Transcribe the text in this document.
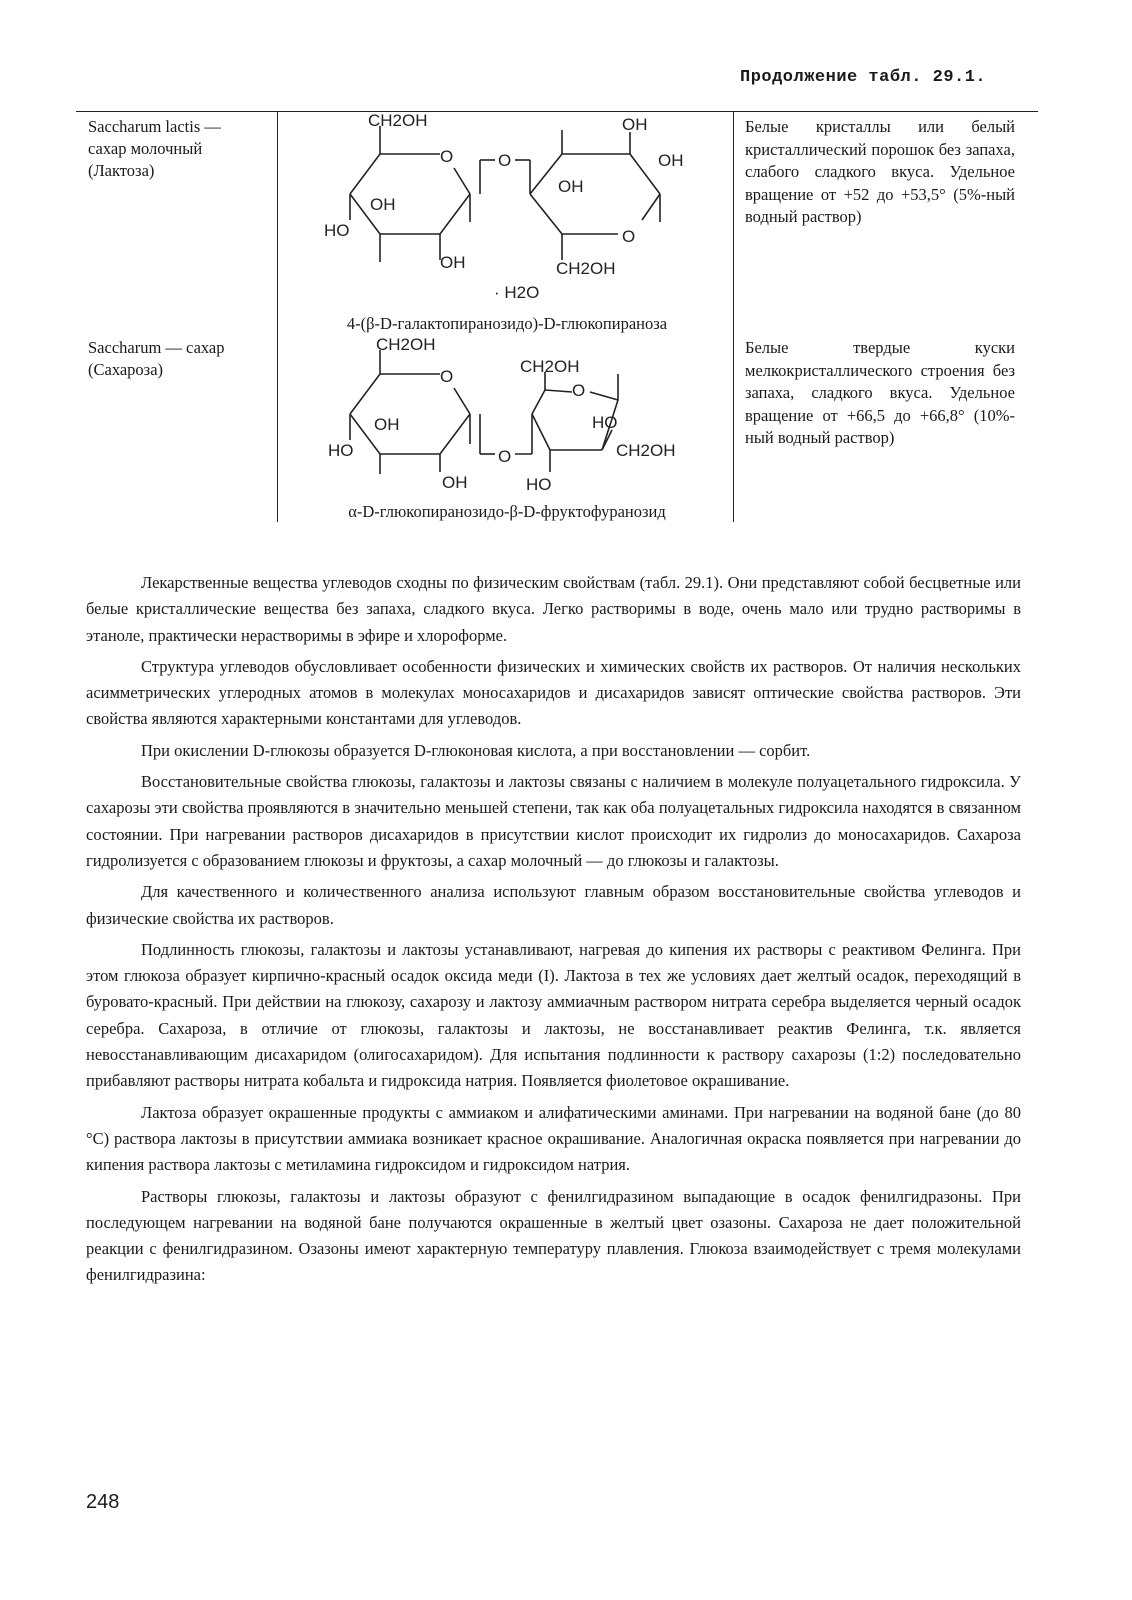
Продолжение табл. 29.1.
Saccharum lactis —
сахар молочный
(Лактоза)
CH2OH	OH
O	O	OH
OH
OH
HO	O
OH	CH2OH
· H2O
4-(β-D-галактопиранозидо)-D-глюкопираноза
Белые кристаллы или белый кристаллический порошок без запаха, слабого сладкого вкуса. Удельное вращение от +52 до +53,5° (5%-ный водный раствор)
Saccharum — сахар
(Сахароза)
CH2OH
O
CH2OH
O
OH	HO
HO	O	CH2OH
OH	HO
α-D-глюкопиранозидо-β-D-фруктофуранозид
Белые твердые куски мелкокристаллического строения без запаха, сладкого вкуса. Удельное вращение от +66,5 до +66,8° (10%-ный водный раствор)

Лекарственные вещества углеводов сходны по физическим свойствам (табл. 29.1). Они представляют собой бесцветные или белые кристаллические вещества без запаха, сладкого вкуса. Легко растворимы в воде, очень мало или трудно растворимы в этаноле, практически нерастворимы в эфире и хлороформе.

Структура углеводов обусловливает особенности физических и химических свойств их растворов. От наличия нескольких асимметрических углеродных атомов в молекулах моносахаридов и дисахаридов зависят оптические свойства растворов. Эти свойства являются характерными константами для углеводов.

При окислении D-глюкозы образуется D-глюконовая кислота, а при восстановлении — сорбит.

Восстановительные свойства глюкозы, галактозы и лактозы связаны с наличием в молекуле полуацетального гидроксила. У сахарозы эти свойства проявляются в значительно меньшей степени, так как оба полуацетальных гидроксила находятся в связанном состоянии. При нагревании растворов дисахаридов в присутствии кислот происходит их гидролиз до моносахаридов. Сахароза гидролизуется с образованием глюкозы и фруктозы, а сахар молочный — до глюкозы и галактозы.

Для качественного и количественного анализа используют главным образом восстановительные свойства углеводов и физические свойства их растворов.

Подлинность глюкозы, галактозы и лактозы устанавливают, нагревая до кипения их растворы с реактивом Фелинга. При этом глюкоза образует кирпично-красный осадок оксида меди (I). Лактоза в тех же условиях дает желтый осадок, переходящий в буровато-красный. При действии на глюкозу, сахарозу и лактозу аммиачным раствором нитрата серебра выделяется черный осадок серебра. Сахароза, в отличие от глюкозы, галактозы и лактозы, не восстанавливает реактив Фелинга, т.к. является невосстанавливающим дисахаридом (олигосахаридом). Для испытания подлинности к раствору сахарозы (1:2) последовательно прибавляют растворы нитрата кобальта и гидроксида натрия. Появляется фиолетовое окрашивание.

Лактоза образует окрашенные продукты с аммиаком и алифатическими аминами. При нагревании на водяной бане (до 80 °С) раствора лактозы в присутствии аммиака возникает красное окрашивание. Аналогичная окраска появляется при нагревании до кипения раствора лактозы с метиламина гидроксидом и гидроксидом натрия.

Растворы глюкозы, галактозы и лактозы образуют с фенилгидразином выпадающие в осадок фенилгидразоны. При последующем нагревании на водяной бане получаются окрашенные в желтый цвет озазоны. Сахароза не дает положительной реакции с фенилгидразином. Озазоны имеют характерную температуру плавления. Глюкоза взаимодействует с тремя молекулами фенилгидразина:

248
